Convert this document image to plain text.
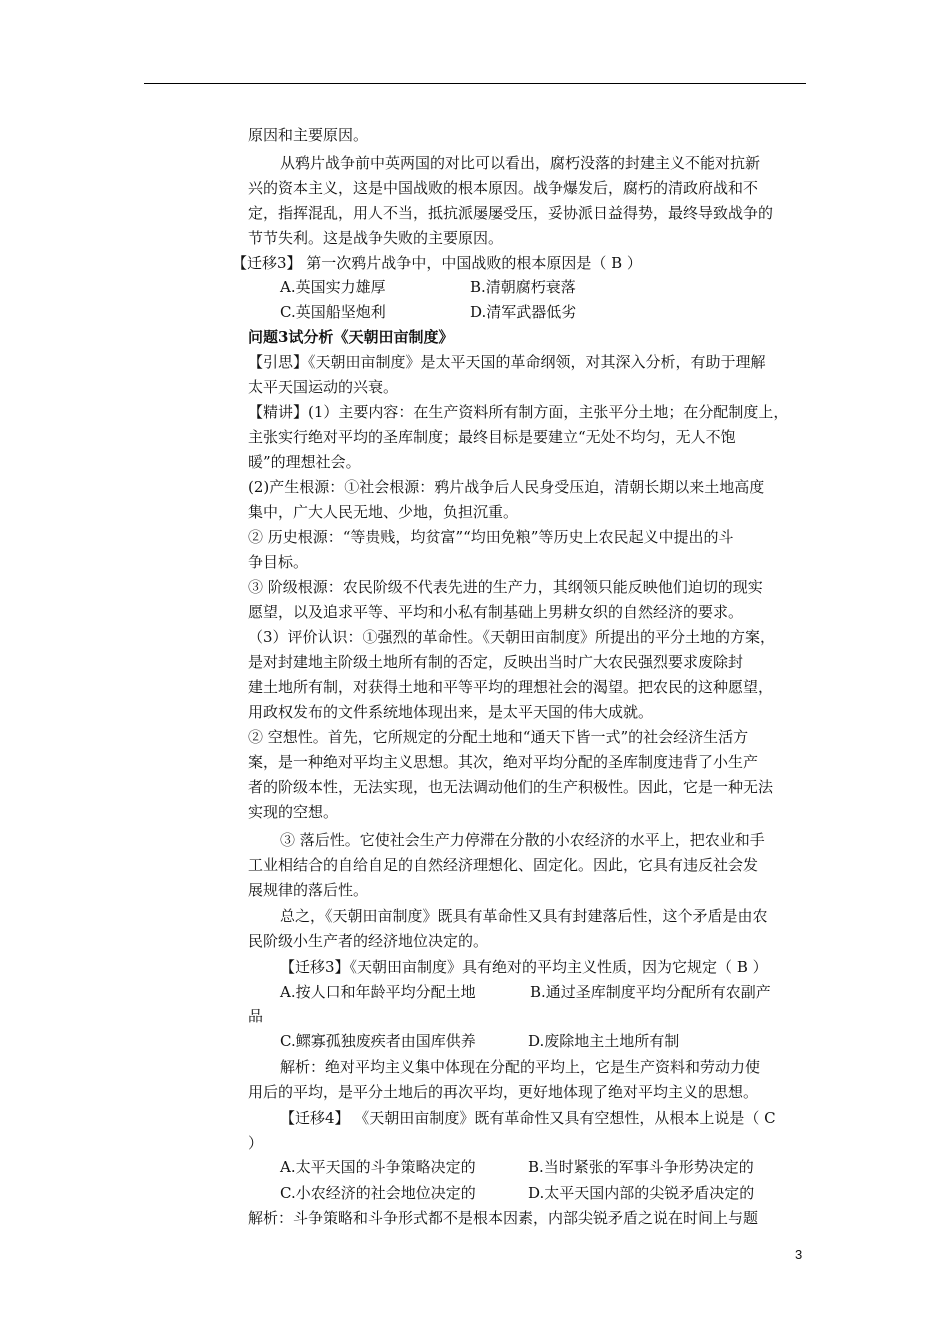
原因和主要原因。
从鸦片战争前中英两国的对比可以看出，腐朽没落的封建主义不能对抗新
兴的资本主义，这是中国战败的根本原因。战争爆发后，腐朽的清政府战和不
定，指挥混乱，用人不当，抵抗派屡屡受压，妥协派日益得势，最终导致战争的
节节失利。这是战争失败的主要原因。
【迁移3】 第一次鸦片战争中，中国战败的根本原因是（ B ）
A.英国实力雄厚	B.清朝腐朽衰落
C.英国船坚炮利	D.清军武器低劣
问题3试分析《天朝田亩制度》
【引思】《天朝田亩制度》是太平天国的革命纲领，对其深入分析，有助于理解
太平天国运动的兴衰。
【精讲】(1）主要内容：在生产资料所有制方面，主张平分土地；在分配制度上，
主张实行绝对平均的圣库制度；最终目标是要建立“无处不均匀，无人不饱
暖”的理想社会。
(2)产生根源：①社会根源：鸦片战争后人民身受压迫，清朝长期以来土地高度
集中，广大人民无地、少地，负担沉重。
② 历史根源：“等贵贱，均贫富”“均田免粮”等历史上农民起义中提出的斗
争目标。
③ 阶级根源：农民阶级不代表先进的生产力，其纲领只能反映他们迫切的现实
愿望，以及追求平等、平均和小私有制基础上男耕女织的自然经济的要求。
（3）评价认识：①强烈的革命性。《天朝田亩制度》所提出的平分土地的方案，
是对封建地主阶级土地所有制的否定，反映出当时广大农民强烈要求废除封
建土地所有制，对获得土地和平等平均的理想社会的渴望。把农民的这种愿望，
用政权发布的文件系统地体现出来，是太平天国的伟大成就。
② 空想性。首先，它所规定的分配土地和“通天下皆一式”的社会经济生活方
案，是一种绝对平均主义思想。其次，绝对平均分配的圣库制度违背了小生产
者的阶级本性，无法实现，也无法调动他们的生产积极性。因此，它是一种无法
实现的空想。
③ 落后性。它使社会生产力停滞在分散的小农经济的水平上，把农业和手
工业相结合的自给自足的自然经济理想化、固定化。因此，它具有违反社会发
展规律的落后性。
总之，《天朝田亩制度》既具有革命性又具有封建落后性，这个矛盾是由农
民阶级小生产者的经济地位决定的。
【迁移3】《天朝田亩制度》具有绝对的平均主义性质，因为它规定（ B ）
A.按人口和年龄平均分配土地	B.通过圣库制度平均分配所有农副产
品
C.鳏寡孤独废疾者由国库供养	D.废除地主土地所有制
解析：绝对平均主义集中体现在分配的平均上，它是生产资料和劳动力使
用后的平均，是平分土地后的再次平均，更好地体现了绝对平均主义的思想。
【迁移4】 《天朝田亩制度》既有革命性又具有空想性，从根本上说是（ C
）
A.太平天国的斗争策略决定的	B.当时紧张的军事斗争形势决定的
C.小农经济的社会地位决定的	D.太平天国内部的尖锐矛盾决定的
解析：斗争策略和斗争形式都不是根本因素，内部尖锐矛盾之说在时间上与题
3
